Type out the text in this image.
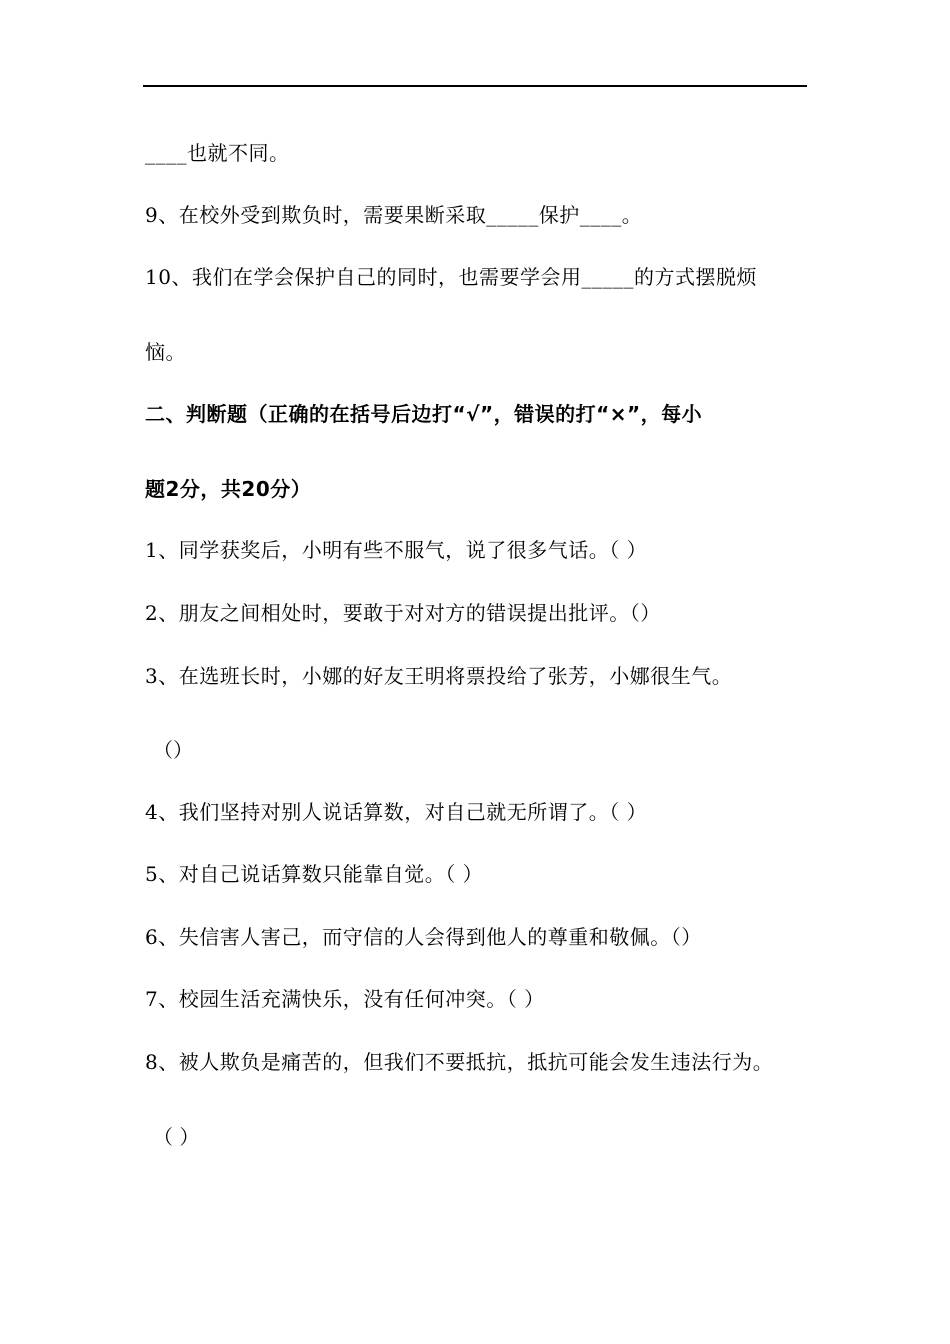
____也就不同。
9、在校外受到欺负时，需要果断采取_____保护____。
10、我们在学会保护自己的同时，也需要学会用_____的方式摆脱烦
恼。
二、判断题（正确的在括号后边打“√”，错误的打“×”，每小
题2分，共20分）
1、同学获奖后，小明有些不服气，说了很多气话。（ ）
2、朋友之间相处时，要敢于对对方的错误提出批评。（）
3、在选班长时，小娜的好友王明将票投给了张芳，小娜很生气。
（）
4、我们坚持对别人说话算数，对自己就无所谓了。（ ）
5、对自己说话算数只能靠自觉。（ ）
6、失信害人害己，而守信的人会得到他人的尊重和敬佩。（）
7、校园生活充满快乐，没有任何冲突。（ ）
8、被人欺负是痛苦的，但我们不要抵抗，抵抗可能会发生违法行为。
（ ）
